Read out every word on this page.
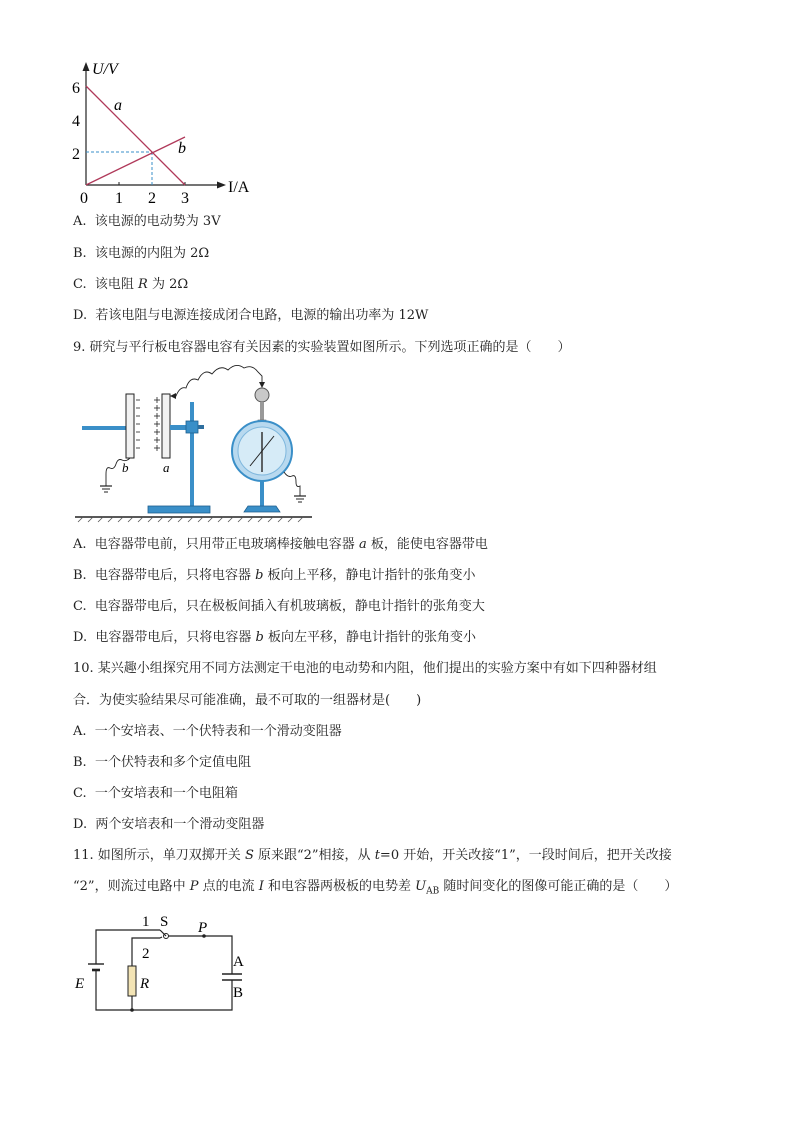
U/V
I/A
0
6
4
2
1 2 3
a
b
A. 该电源的电动势为 3V
B. 该电源的内阻为 2Ω
C. 该电阻 R 为 2Ω
D. 若该电阻与电源连接成闭合电路，电源的输出功率为 12W
9. 研究与平行板电容器电容有关因素的实验装置如图所示。下列选项正确的是（　　）
b	a
A. 电容器带电前，只用带正电玻璃棒接触电容器 a 板，能使电容器带电
B. 电容器带电后，只将电容器 b 板向上平移，静电计指针的张角变小
C. 电容器带电后，只在极板间插入有机玻璃板，静电计指针的张角变大
D. 电容器带电后，只将电容器 b 板向左平移，静电计指针的张角变小
10. 某兴趣小组探究用不同方法测定干电池的电动势和内阻，他们提出的实验方案中有如下四种器材组
合．为使实验结果尽可能准确，最不可取的一组器材是(　　)
A. 一个安培表、一个伏特表和一个滑动变阻器
B. 一个伏特表和多个定值电阻
C. 一个安培表和一个电阻箱
D. 两个安培表和一个滑动变阻器
11. 如图所示，单刀双掷开关 S 原来跟“2”相接，从 t=0 开始，开关改接“1”，一段时间后，把开关改接
“2”，则流过电路中 P 点的电流 I 和电容器两极板的电势差 $U_{AB}$ 随时间变化的图像可能正确的是（　　）
1
2
S P
E	R
A
B
